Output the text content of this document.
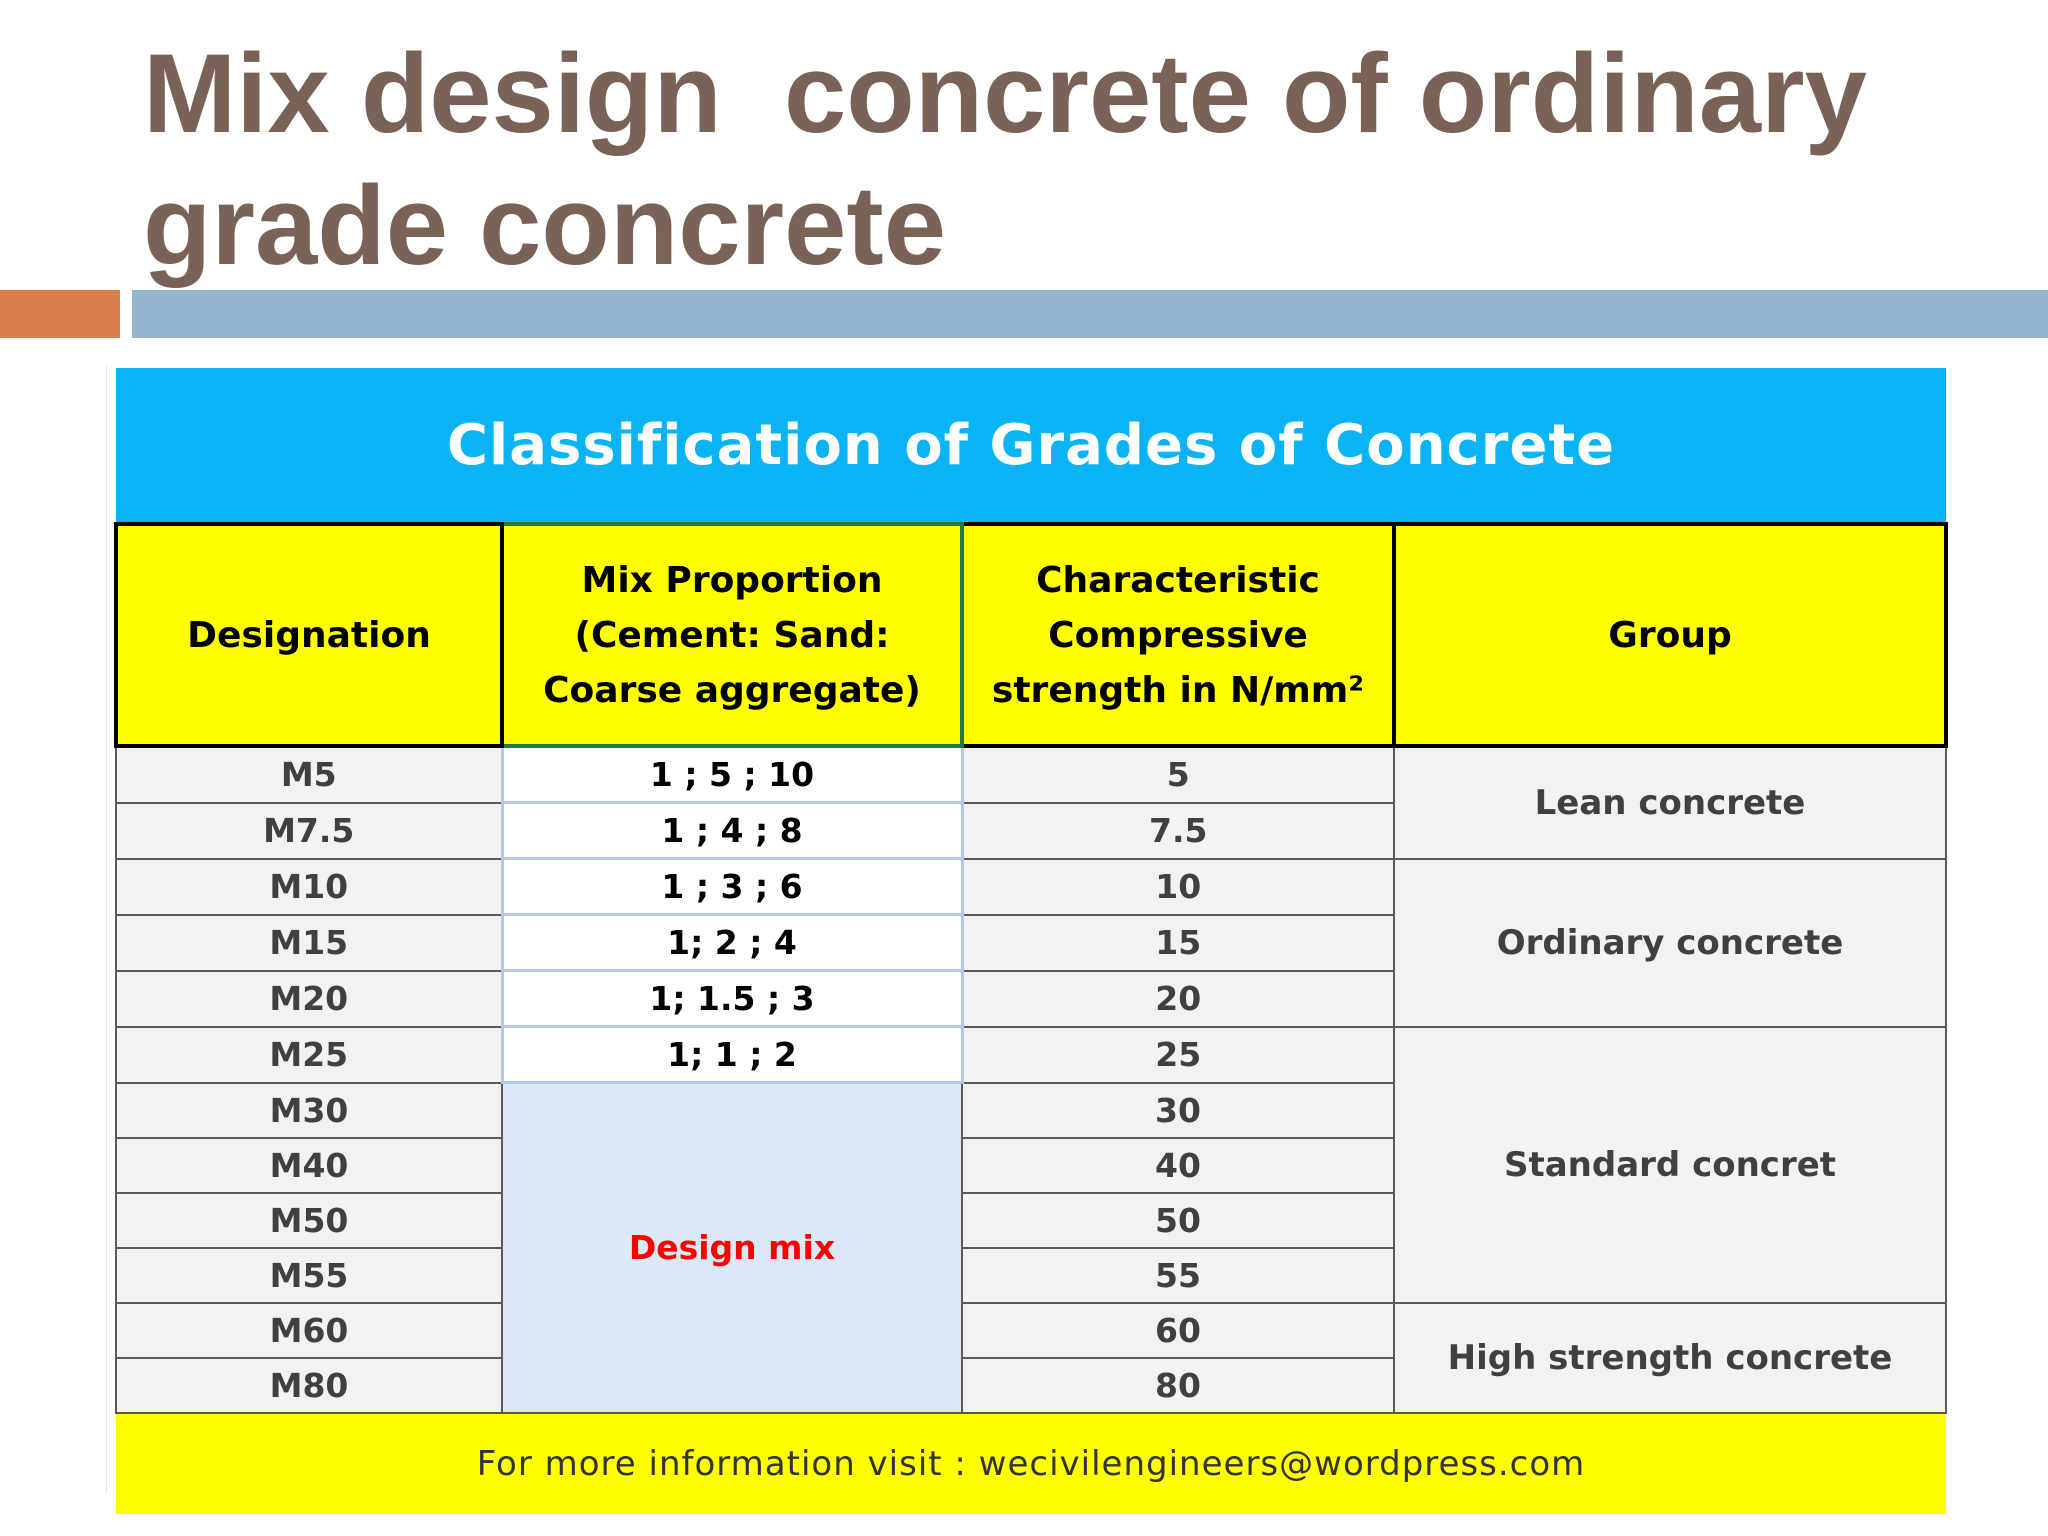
Mix design  concrete of ordinary grade concrete
Classification of Grades of Concrete			
Designation	Mix Proportion (Cement: Sand: Coarse aggregate)	Characteristic Compressive strength in N/mm²	Group
M5	1 ; 5 ; 10	5	Lean concrete
M7.5	1 ; 4 ; 8	7.5	
M10	1 ; 3 ; 6	10	Ordinary concrete
M15	1; 2 ; 4	15	
M20	1; 1.5 ; 3	20	
M25	1; 1 ; 2	25	Standard concret
M30	Design mix	30	
M40		40	
M50		50	
M55		55	
M60		60	High strength concrete
M80		80	
For more information visit : wecivilengineers@wordpress.com			
